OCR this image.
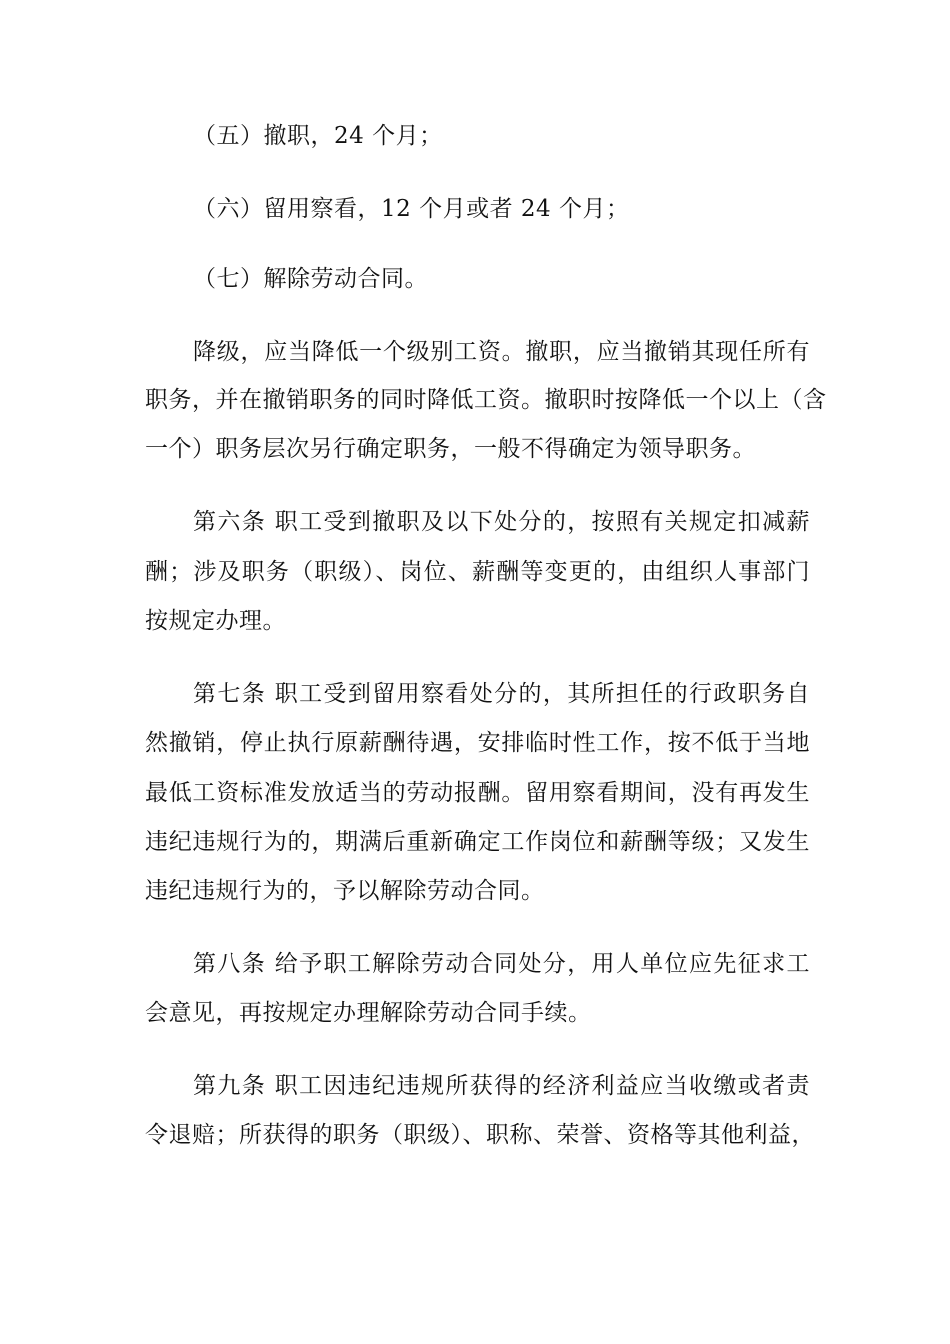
（五）撤职，24 个月；
（六）留用察看，12 个月或者 24 个月；
（七）解除劳动合同。
降级，应当降低一个级别工资。撤职，应当撤销其现任所有
职务，并在撤销职务的同时降低工资。撤职时按降低一个以上（含
一个）职务层次另行确定职务，一般不得确定为领导职务。
第六条 职工受到撤职及以下处分的，按照有关规定扣减薪
酬；涉及职务（职级）、岗位、薪酬等变更的，由组织人事部门
按规定办理。
第七条 职工受到留用察看处分的，其所担任的行政职务自
然撤销，停止执行原薪酬待遇，安排临时性工作，按不低于当地
最低工资标准发放适当的劳动报酬。留用察看期间，没有再发生
违纪违规行为的，期满后重新确定工作岗位和薪酬等级；又发生
违纪违规行为的，予以解除劳动合同。
第八条 给予职工解除劳动合同处分，用人单位应先征求工
会意见，再按规定办理解除劳动合同手续。
第九条 职工因违纪违规所获得的经济利益应当收缴或者责
令退赔；所获得的职务（职级）、职称、荣誉、资格等其他利益，
